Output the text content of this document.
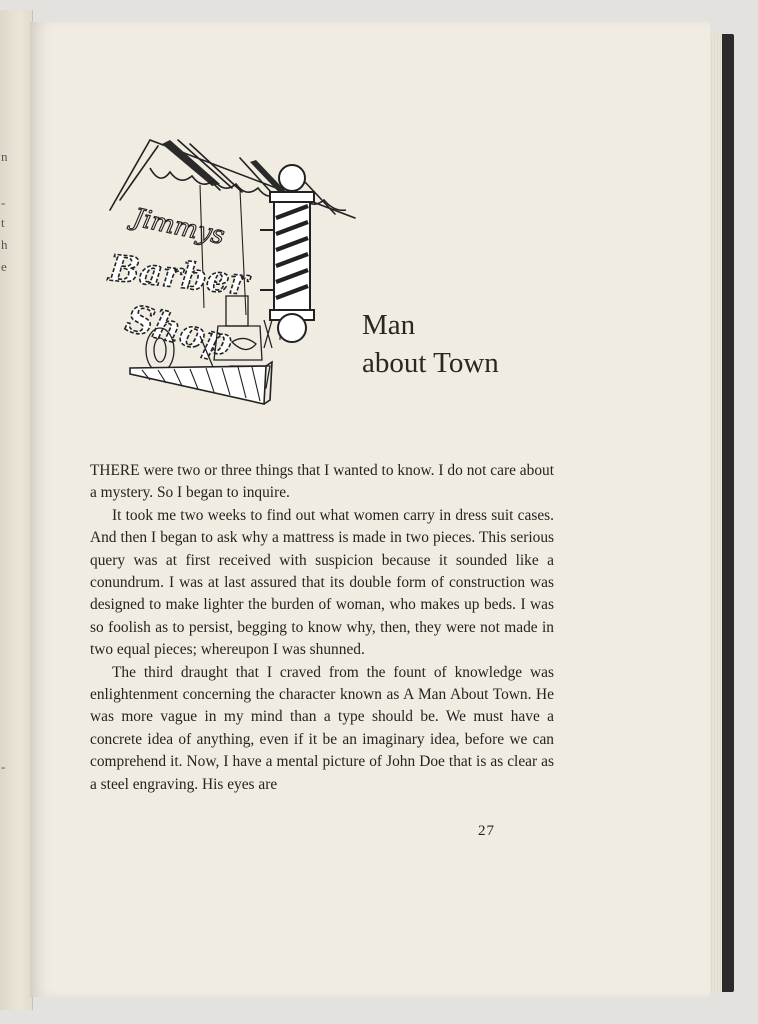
n
-
t
h
e
-
Jimmys
Barber
Shop	Man
about Town

THERE were two or three things that I wanted to know. I do not care about a mystery. So I began to inquire.

It took me two weeks to find out what women carry in dress suit cases. And then I began to ask why a mattress is made in two pieces. This serious query was at first received with suspicion because it sounded like a conundrum. I was at last assured that its double form of construction was designed to make lighter the burden of woman, who makes up beds. I was so foolish as to persist, begging to know why, then, they were not made in two equal pieces; whereupon I was shunned.

The third draught that I craved from the fount of knowledge was enlightenment concerning the character known as A Man About Town. He was more vague in my mind than a type should be. We must have a concrete idea of anything, even if it be an imaginary idea, before we can comprehend it. Now, I have a mental picture of John Doe that is as clear as a steel engraving. His eyes are

27
